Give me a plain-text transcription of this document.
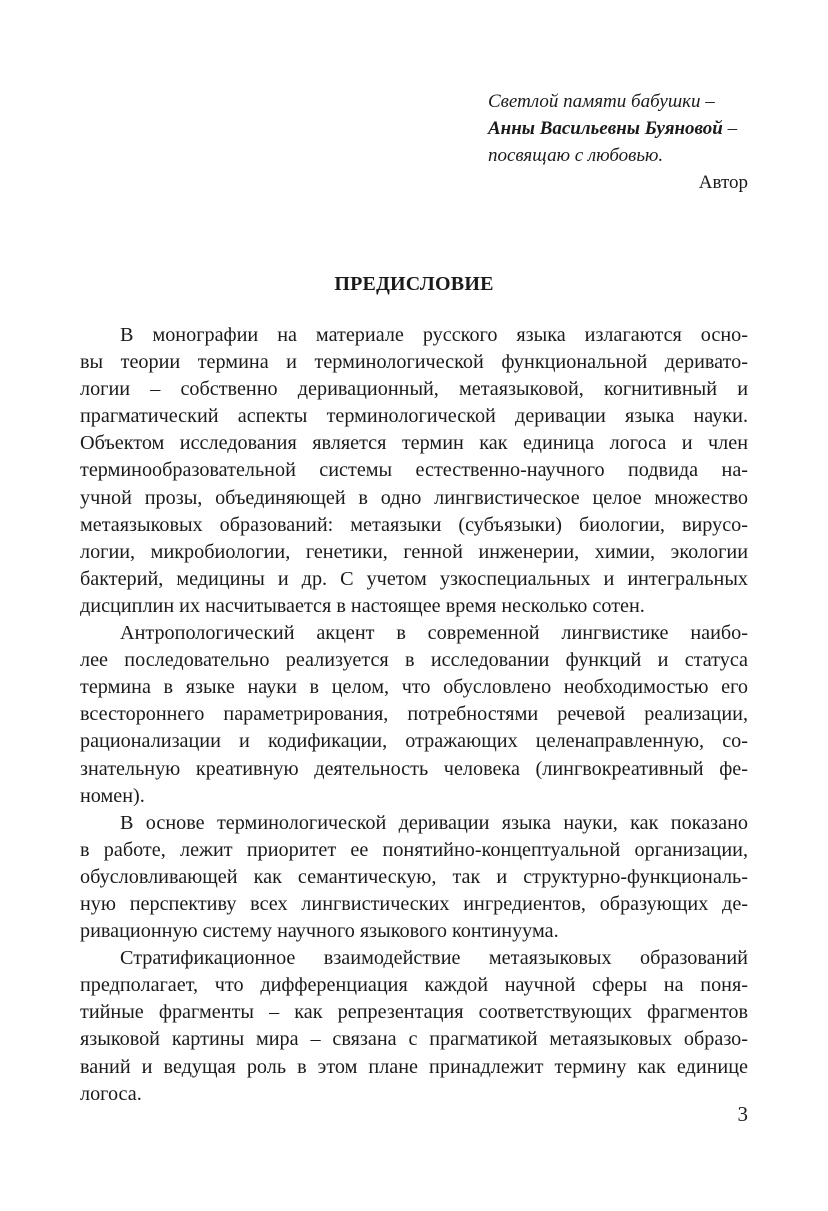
Светлой памяти бабушки –
Анны Васильевны Буяновой –
посвящаю с любовью.
Автор
ПРЕДИСЛОВИЕ
В монографии на материале русского языка излагаются осно-
вы теории термина и терминологической функциональной деривато-
логии – собственно деривационный, метаязыковой, когнитивный и
прагматический аспекты терминологической деривации языка науки.
Объектом исследования является термин как единица логоса и член
терминообразовательной системы естественно-научного подвида на-
учной прозы, объединяющей в одно лингвистическое целое множество
метаязыковых образований: метаязыки (субъязыки) биологии, вирусо-
логии, микробиологии, генетики, генной инженерии, химии, экологии
бактерий, медицины и др. С учетом узкоспециальных и интегральных
дисциплин их насчитывается в настоящее время несколько сотен.
Антропологический акцент в современной лингвистике наибо-
лее последовательно реализуется в исследовании функций и статуса
термина в языке науки в целом, что обусловлено необходимостью его
всестороннего параметрирования, потребностями речевой реализации,
рационализации и кодификации, отражающих целенаправленную, со-
знательную креативную деятельность человека (лингвокреативный фе-
номен).
В основе терминологической деривации языка науки, как показано
в работе, лежит приоритет ее понятийно-концептуальной организации,
обусловливающей как семантическую, так и структурно-функциональ-
ную перспективу всех лингвистических ингредиентов, образующих де-
ривационную систему научного языкового континуума.
Стратификационное взаимодействие метаязыковых образований
предполагает, что дифференциация каждой научной сферы на поня-
тийные фрагменты – как репрезентация соответствующих фрагментов
языковой картины мира – связана с прагматикой метаязыковых образо-
ваний и ведущая роль в этом плане принадлежит термину как единице
логоса.
3
